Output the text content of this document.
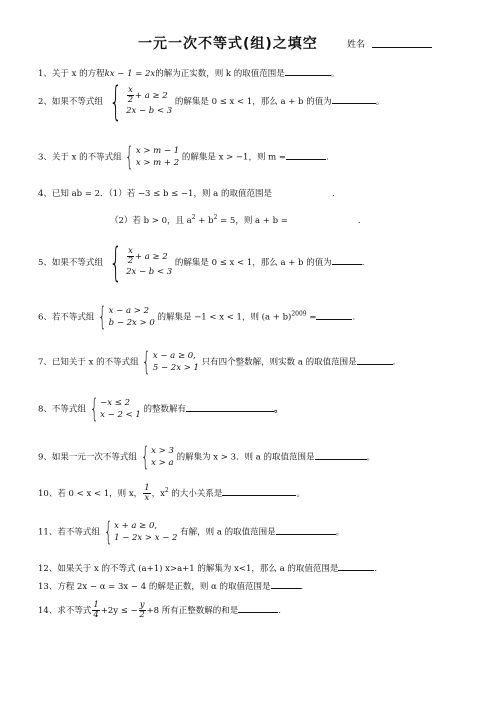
一元一次不等式(组)之填空	姓名
1、关于 x 的方程kx − 1 = 2x的解为正实数，则 k 的取值范围是	。
2、如果不等式组 { $\frac{x}{2} + a \ge 2$
2x − b < 3
的解集是 0 ≤ x < 1，那么 a + b 的值为	。
3、关于 x 的不等式组 { x > m − 1
x > m + 2
的解集是 x > −1，则 m =	.
4、已知 ab = 2．（1）若 −3 ≤ b ≤ −1，则 a 的取值范围是	.
（2）若 b > 0，且 $a^2 + b^2 = 5$，则 a + b =	.
5、如果不等式组 { $\frac{x}{2} + a \ge 2$
2x − b < 3
的解集是 0 ≤ x < 1，那么 a + b 的值为	.
6、若不等式组 { x − a > 2
b − 2x > 0
的解集是 −1 < x < 1，则 $(a + b)^{2009}$ =	.
7、已知关于 x 的不等式组 { x − a ≥ 0,
5 − 2x > 1
只有四个整数解，则实数 a 的取值范围是	.
8、不等式组 { −x ≤ 2
x − 2 < 1
的整数解有	。
9、如果一元一次不等式组 { x > 3
x > a
的解集为 x > 3．则 a 的取值范围是	。
10、若 0 < x < 1，则 x， $\frac{1}{x}$ ，$x^2$ 的大小关系是	。
11、若不等式组 { x + a ≥ 0,
1 − 2x > x − 2
有解，则 a 的取值范围是	。
12、如果关于 x 的不等式 (a+1) x>a+1 的解集为 x<1，那么 a 的取值范围是	.
13、方程 2x − α = 3x − 4 的解是正数，则 α 的取值范围是	.
14、求不等式 $\frac{1}{4} +2y$ ≤ − $\frac{y}{2} +8$ 所有正整数解的和是	.
